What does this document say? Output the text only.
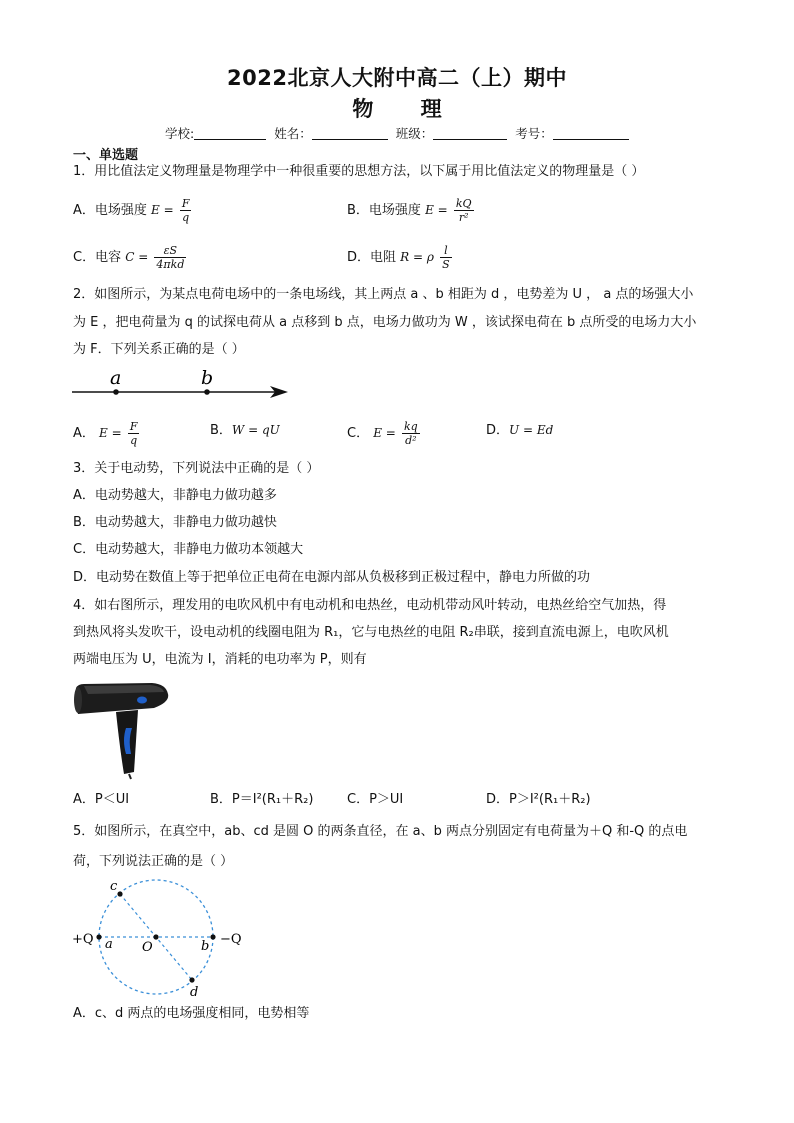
2022北京人大附中高二（上）期中
物 理
学校:	姓名：	班级：	考号：
一、单选题
1．用比值法定义物理量是物理学中一种很重要的思想方法，以下属于用比值法定义的物理量是（ ）
A．电场强度 $E = \frac{F}{q}$	B．电场强度 $E = \frac{kQ}{\text{r²}}$
C．电容 $C = \frac{\varepsilon S}{\text{4πkd}}$	D．电阻 R = ρ $\frac{l}{S}$
2．如图所示，为某点电荷电场中的一条电场线，其上两点 a 、b 相距为 d ，电势差为 U ， a 点的场强大小
为 E ，把电荷量为 q 的试探电荷从 a 点移到 b 点，电场力做功为 W ，该试探电荷在 b 点所受的电场力大小
为 F．下列关系正确的是（ ）
a	b
A． $E = \frac{F}{q}$	B．W = qU	C． $E = \frac{kq}{\text{d²}}$	D．U = Ed
3．关于电动势，下列说法中正确的是（ ）
A．电动势越大，非静电力做功越多
B．电动势越大，非静电力做功越快
C．电动势越大，非静电力做功本领越大
D．电动势在数值上等于把单位正电荷在电源内部从负极移到正极过程中，静电力所做的功
4．如右图所示，理发用的电吹风机中有电动机和电热丝，电动机带动风叶转动，电热丝给空气加热，得
到热风将头发吹干，设电动机的线圈电阻为 R₁，它与电热丝的电阻 R₂串联，接到直流电源上，电吹风机
两端电压为 U，电流为 I，消耗的电功率为 P，则有
A．P＜UI	B．P＝I²(R₁＋R₂)	C．P＞UI	D．P＞I²(R₁＋R₂)
5．如图所示，在真空中，ab、cd 是圆 O 的两条直径，在 a、b 两点分别固定有电荷量为＋Q 和-Q 的点电
荷，下列说法正确的是（ ）
+Q	−Q
a	b
c
d
O
A．c、d 两点的电场强度相同，电势相等
